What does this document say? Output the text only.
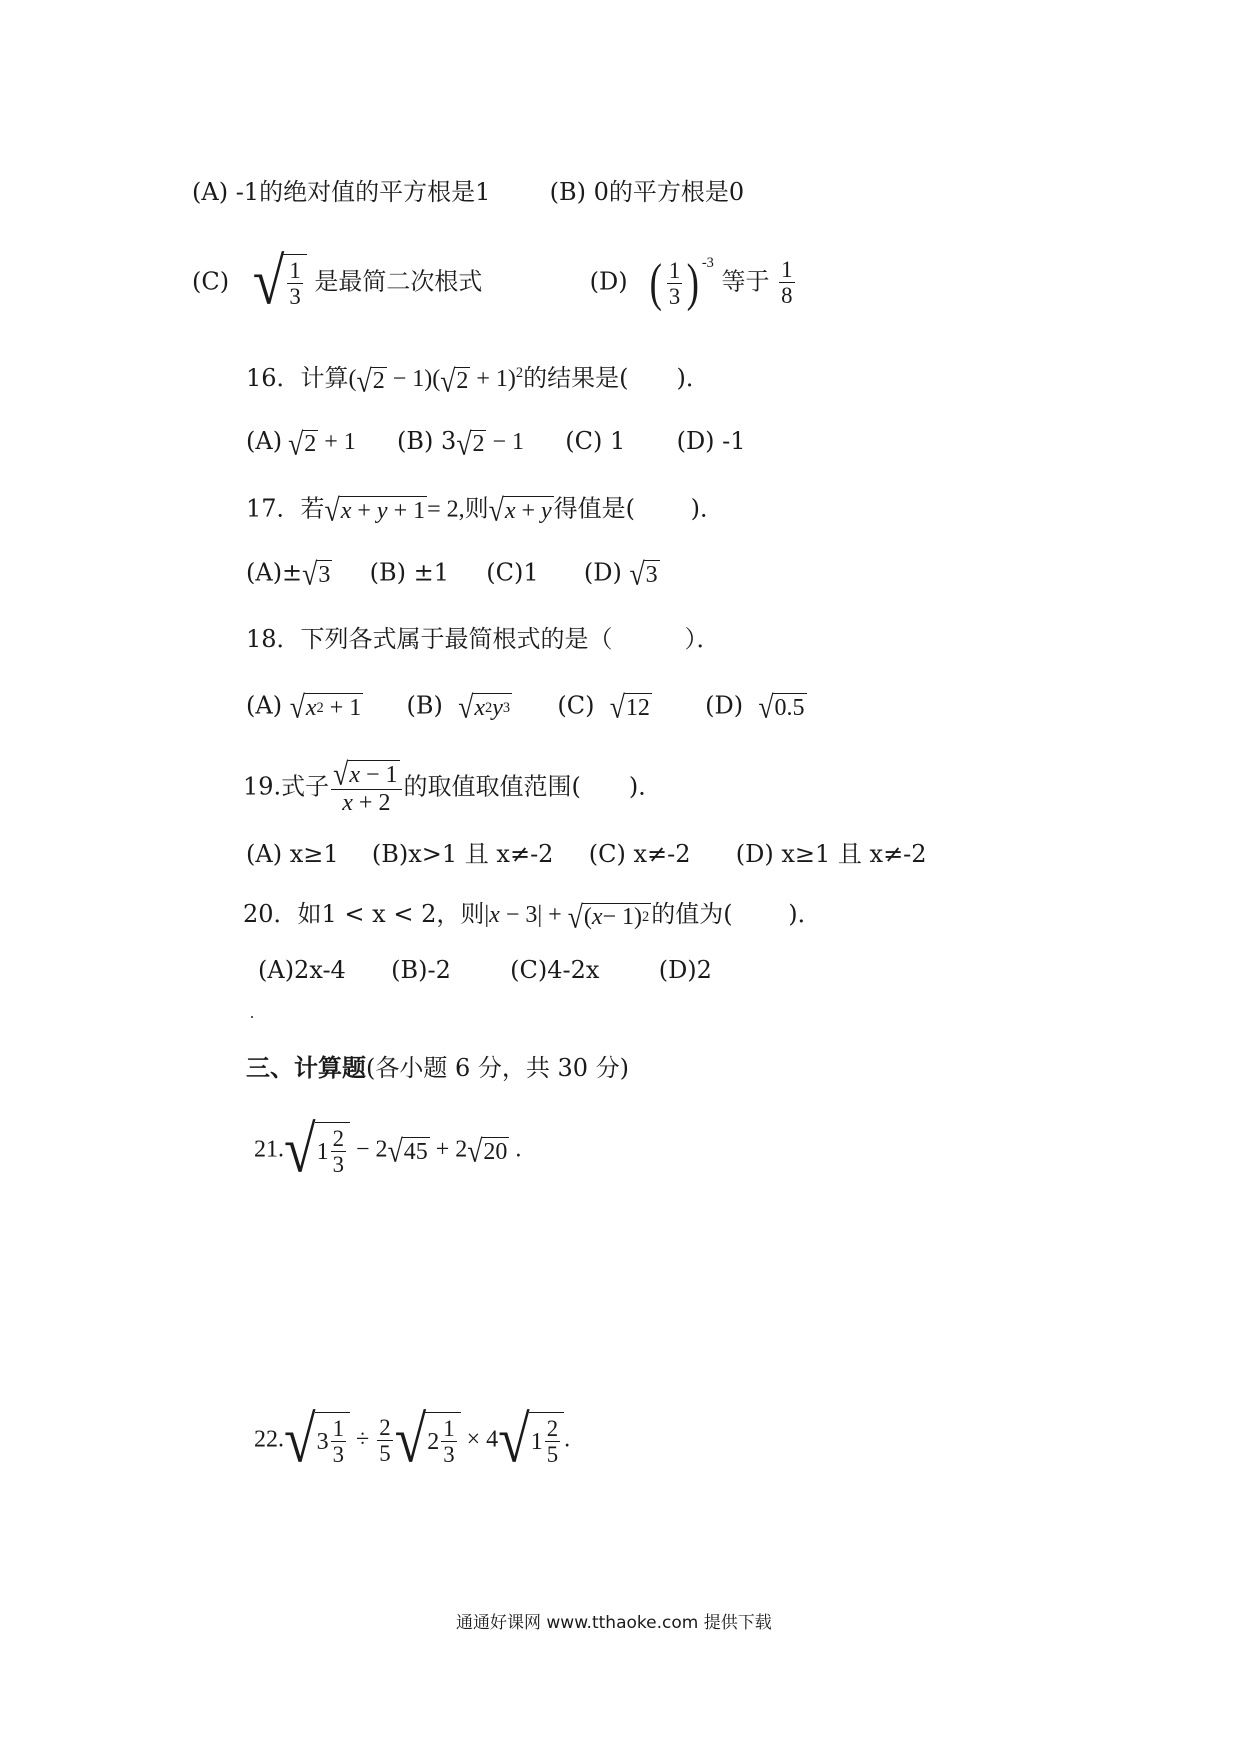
(A) -1的绝对值的平方根是1 (B) 0的平方根是0
(C) √ $\frac{1}{3}$ 是最简二次根式	(D) ( $\frac{1}{3}$ ) $^{-3}$ 等于 $\frac{1}{8}$
16．计算( √ 2 − 1)( √ 2 + 1)$^2$的结果是(　　)．
(A) √ 2 + 1 (B) 3 √ 2 − 1 (C) 1 (D) -1
17．若 √ x + y + 1 = 2,则 √ x + y 得值是(　　 )．
(A)± √ 3 (B) ±1 (C)1 (D) √ 3
18．下列各式属于最简根式的是（　　　）．
(A) √ x 2 + 1 (B) √ x 2 y 3 (C) √ 12 (D) √ 0.5
19.式子 $\frac{√ x - 1}{x + 2}$ 的取值取值范围(　　)．
(A) x≥1 (B)x>1 且 x≠-2 (C) x≠-2 (D) x≥1 且 x≠-2
20．如1 < x < 2，则|x − 3| + √ ( x − 1) 2 的值为(　　 )．
(A)2x-4 (B)-2 (C)4-2x (D)2
三、计算题(各小题 6 分，共 30 分)
21. √ $1 \frac{2}{3} - 2$ √ 45 + 2 √ 20 .
22. √ $3 \frac{1}{3} \div \frac{2}{5}$ √ $2 \frac{1}{3} \times 4$ √ $1 \frac{2}{5}$ .
通通好课网 www.tthaoke.com 提供下载
